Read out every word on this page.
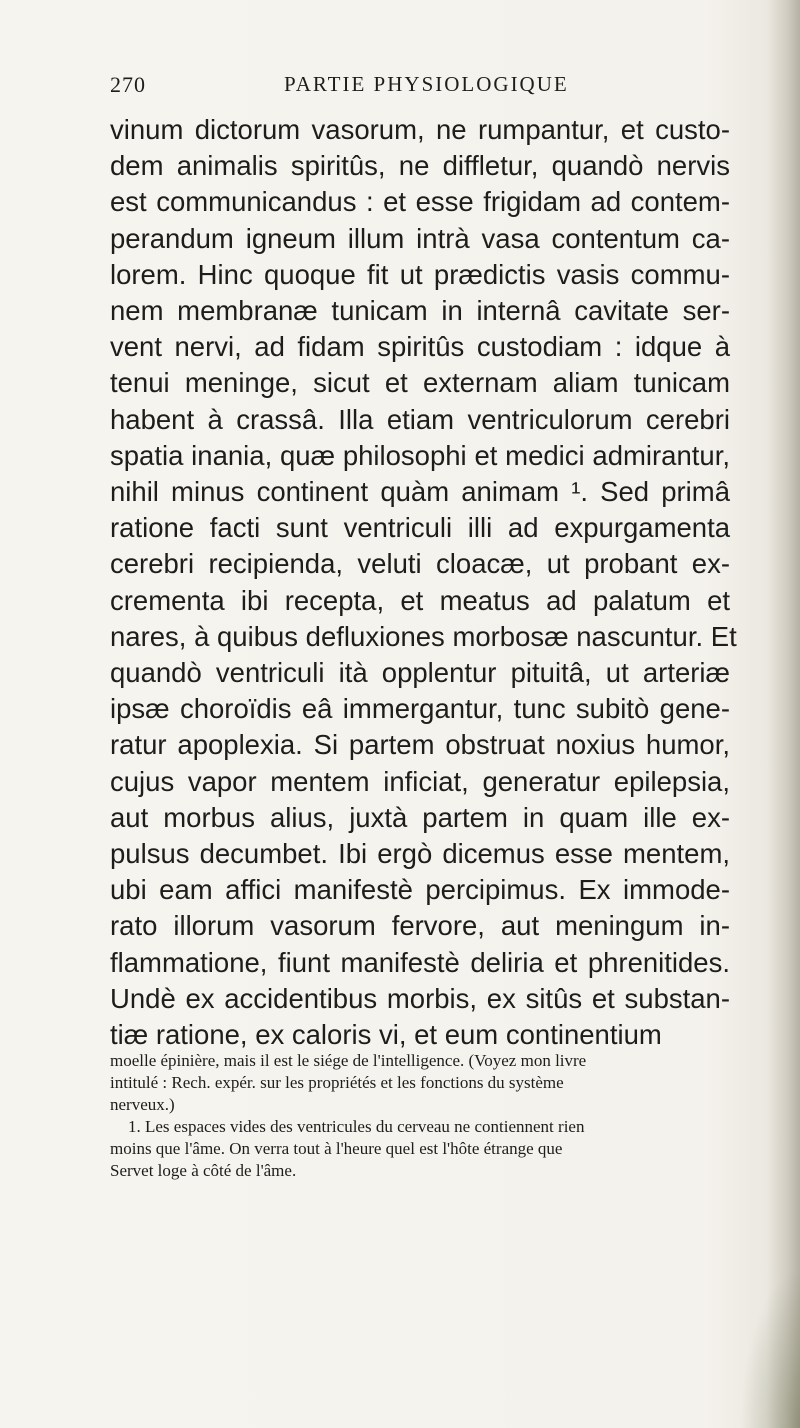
270	PARTIE PHYSIOLOGIQUE
vinum dictorum vasorum, ne rumpantur, et custo-
dem animalis spiritûs, ne diffletur, quandò nervis
est communicandus : et esse frigidam ad contem-
perandum igneum illum intrà vasa contentum ca-
lorem. Hinc quoque fit ut prædictis vasis commu-
nem membranæ tunicam in internâ cavitate ser-
vent nervi, ad fidam spiritûs custodiam : idque à
tenui meninge, sicut et externam aliam tunicam
habent à crassâ. Illa etiam ventriculorum cerebri
spatia inania, quæ philosophi et medici admirantur,
nihil minus continent quàm animam ¹. Sed primâ
ratione facti sunt ventriculi illi ad expurgamenta
cerebri recipienda, veluti cloacæ, ut probant ex-
crementa ibi recepta, et meatus ad palatum et
nares, à quibus defluxiones morbosæ nascuntur. Et
quandò ventriculi ità opplentur pituitâ, ut arteriæ
ipsæ choroïdis eâ immergantur, tunc subitò gene-
ratur apoplexia. Si partem obstruat noxius humor,
cujus vapor mentem inficiat, generatur epilepsia,
aut morbus alius, juxtà partem in quam ille ex-
pulsus decumbet. Ibi ergò dicemus esse mentem,
ubi eam affici manifestè percipimus. Ex immode-
rato illorum vasorum fervore, aut meningum in-
flammatione, fiunt manifestè deliria et phrenitides.
Undè ex accidentibus morbis, ex sitûs et substan-
tiæ ratione, ex caloris vi, et eum continentium
moelle épinière, mais il est le siége de l'intelligence. (Voyez mon livre
intitulé : Rech. expér. sur les propriétés et les fonctions du système
nerveux.)
1. Les espaces vides des ventricules du cerveau ne contiennent rien
moins que l'âme. On verra tout à l'heure quel est l'hôte étrange que
Servet loge à côté de l'âme.
